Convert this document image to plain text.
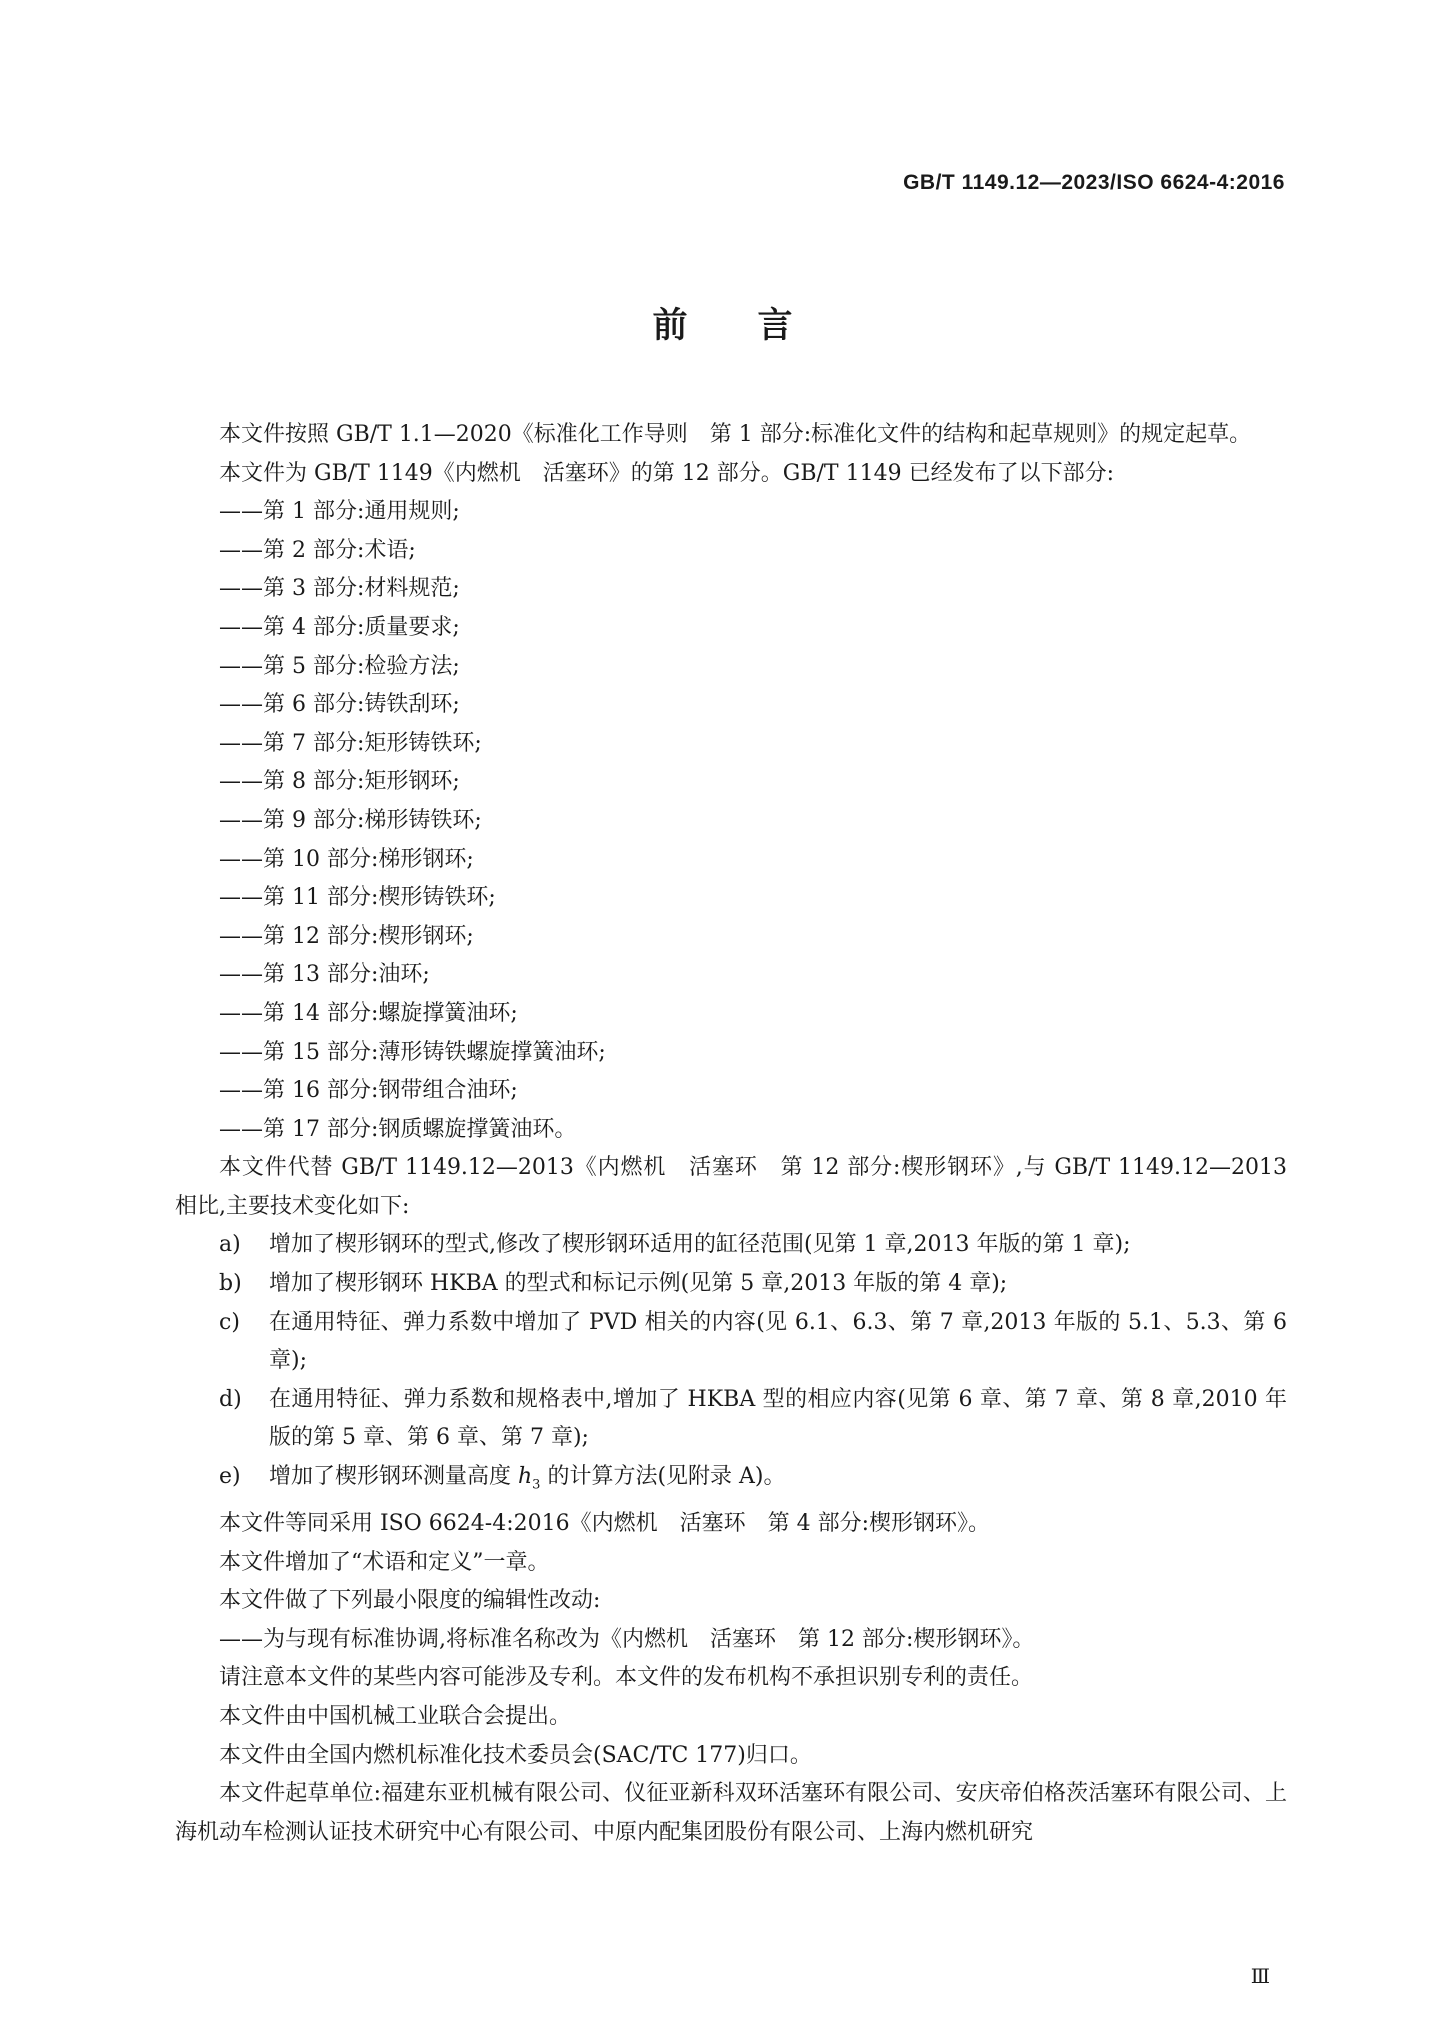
GB/T 1149.12—2023/ISO 6624-4:2016
前言

本文件按照 GB/T 1.1—2020《标准化工作导则　第 1 部分:标准化文件的结构和起草规则》的规定起草。

本文件为 GB/T 1149《内燃机　活塞环》的第 12 部分。GB/T 1149 已经发布了以下部分:

——第 1 部分:通用规则;

——第 2 部分:术语;

——第 3 部分:材料规范;

——第 4 部分:质量要求;

——第 5 部分:检验方法;

——第 6 部分:铸铁刮环;

——第 7 部分:矩形铸铁环;

——第 8 部分:矩形钢环;

——第 9 部分:梯形铸铁环;

——第 10 部分:梯形钢环;

——第 11 部分:楔形铸铁环;

——第 12 部分:楔形钢环;

——第 13 部分:油环;

——第 14 部分:螺旋撑簧油环;

——第 15 部分:薄形铸铁螺旋撑簧油环;

——第 16 部分:钢带组合油环;

——第 17 部分:钢质螺旋撑簧油环。

本文件代替 GB/T 1149.12—2013《内燃机　活塞环　第 12 部分:楔形钢环》,与 GB/T 1149.12—2013 相比,主要技术变化如下:

a)	增加了楔形钢环的型式,修改了楔形钢环适用的缸径范围(见第 1 章,2013 年版的第 1 章);
b)	增加了楔形钢环 HKBA 的型式和标记示例(见第 5 章,2013 年版的第 4 章);
c)	在通用特征、弹力系数中增加了 PVD 相关的内容(见 6.1、6.3、第 7 章,2013 年版的 5.1、5.3、第 6 章);
d)	在通用特征、弹力系数和规格表中,增加了 HKBA 型的相应内容(见第 6 章、第 7 章、第 8 章,2010 年版的第 5 章、第 6 章、第 7 章);
e)	增加了楔形钢环测量高度 $h_3$ 的计算方法(见附录 A)。

本文件等同采用 ISO 6624-4:2016《内燃机　活塞环　第 4 部分:楔形钢环》。

本文件增加了“术语和定义”一章。

本文件做了下列最小限度的编辑性改动:

——为与现有标准协调,将标准名称改为《内燃机　活塞环　第 12 部分:楔形钢环》。

请注意本文件的某些内容可能涉及专利。本文件的发布机构不承担识别专利的责任。

本文件由中国机械工业联合会提出。

本文件由全国内燃机标准化技术委员会(SAC/TC 177)归口。

本文件起草单位:福建东亚机械有限公司、仪征亚新科双环活塞环有限公司、安庆帝伯格茨活塞环有限公司、上海机动车检测认证技术研究中心有限公司、中原内配集团股份有限公司、上海内燃机研究

Ⅲ
